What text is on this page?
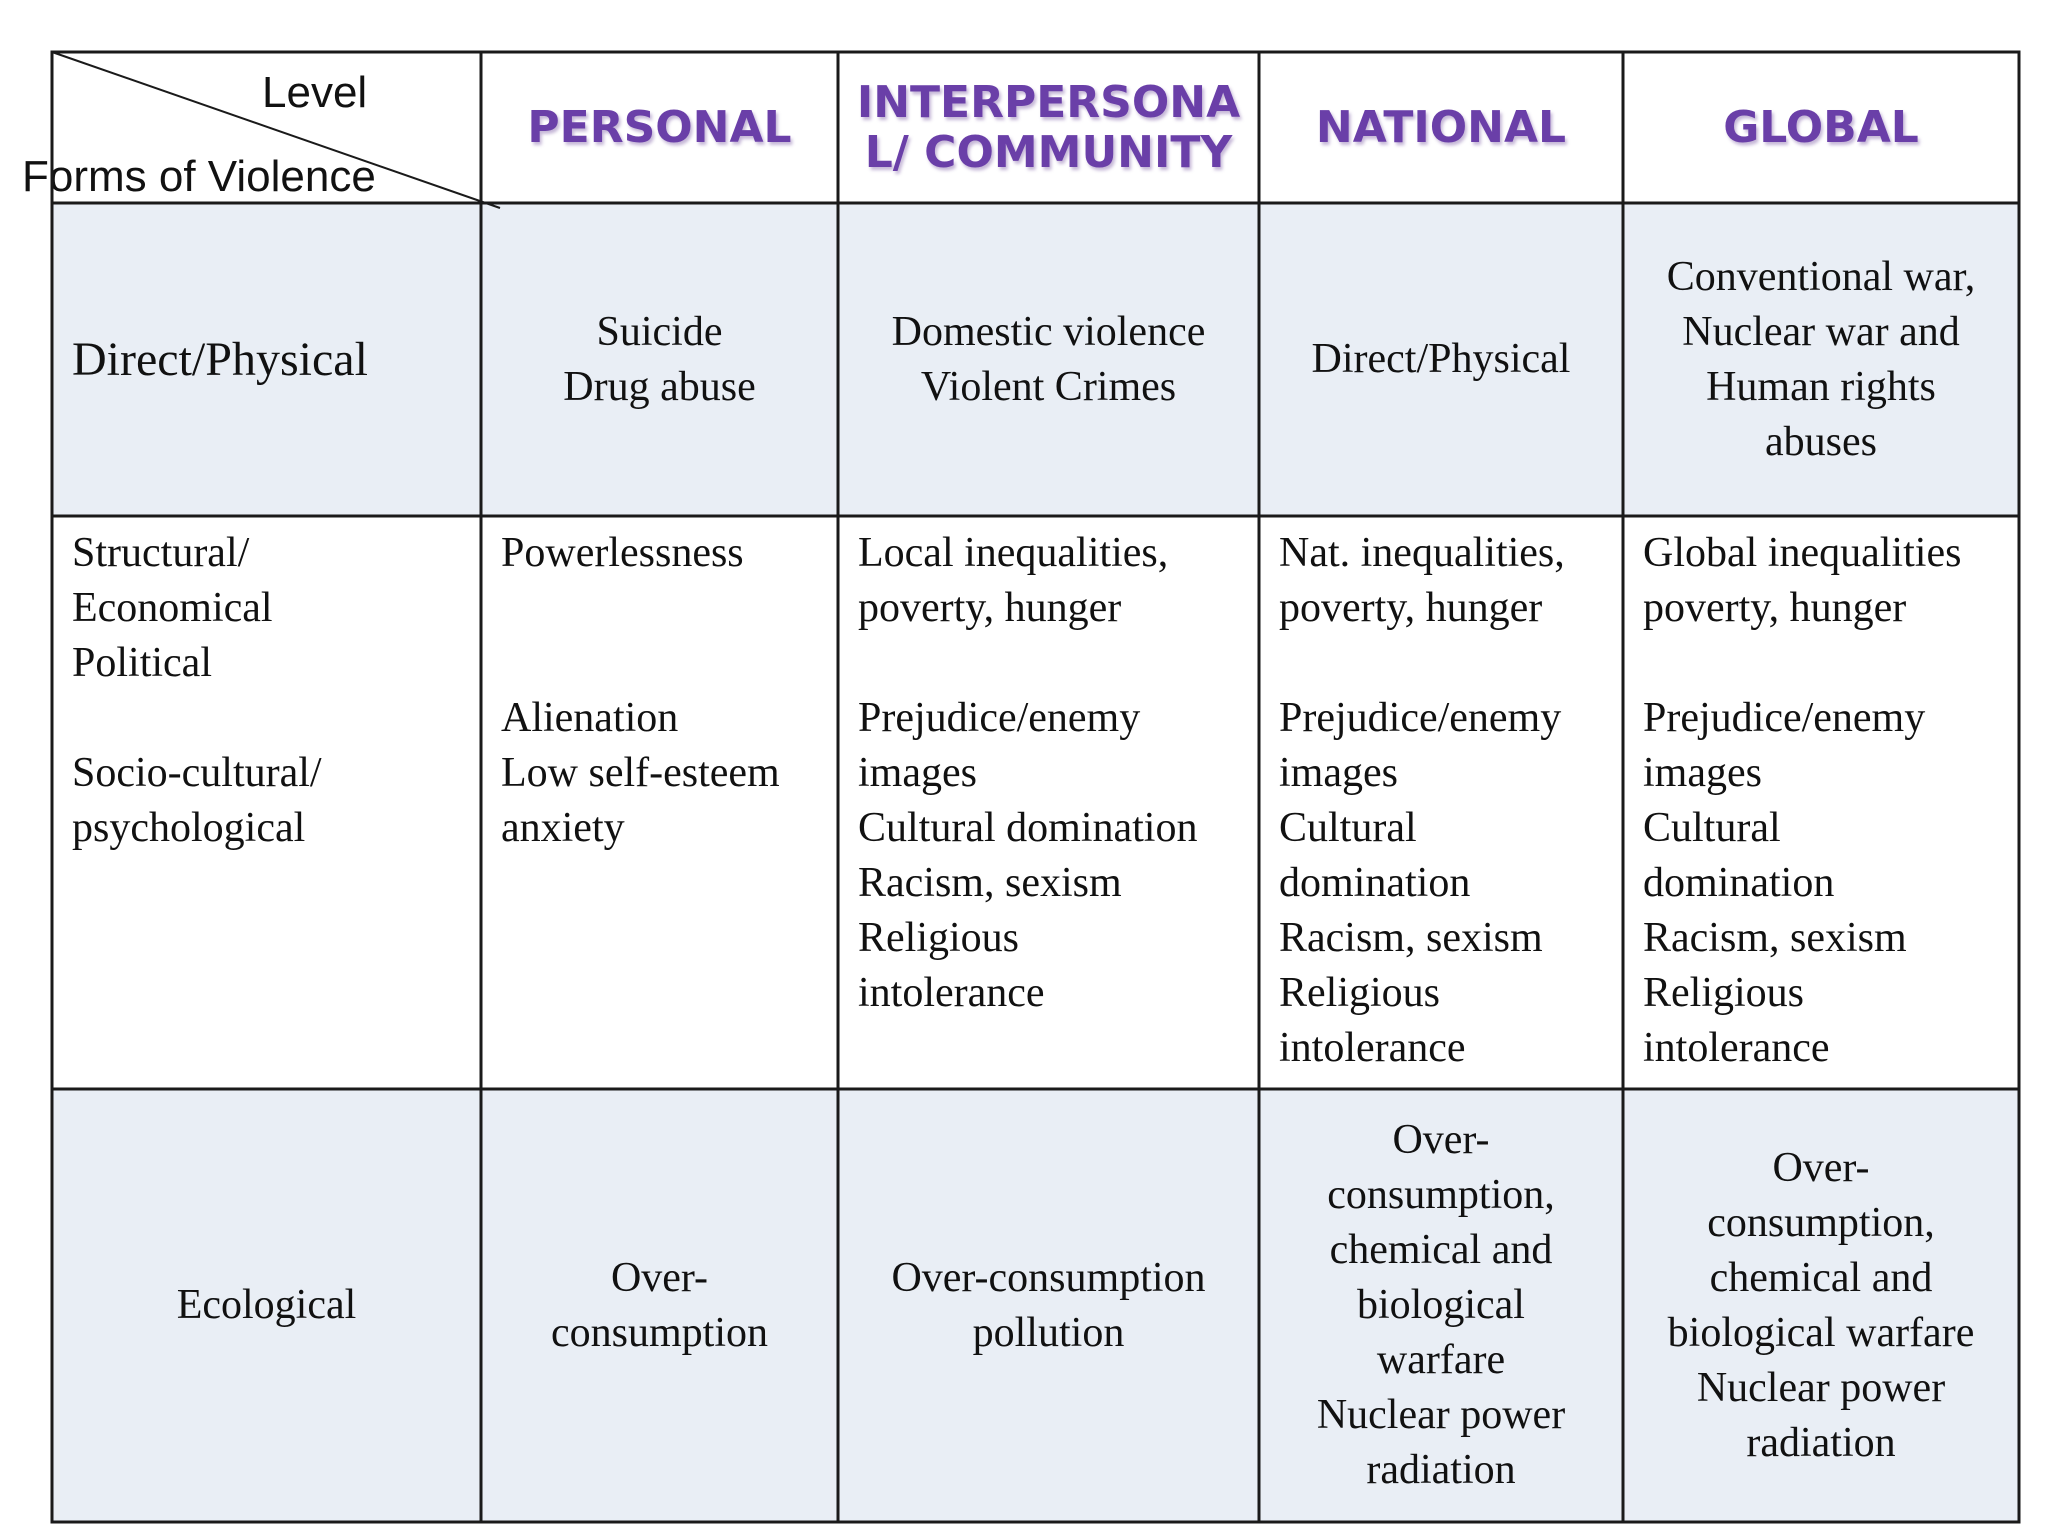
Level
Forms of Violence
PERSONAL INTERPERSONA
L/ COMMUNITY NATIONAL	GLOBAL
Direct/Physical
Suicide
Drug abuse
Domestic violence
Violent Crimes
Direct/Physical
Conventional war,
Nuclear war and
Human rights
abuses
Structural/
Economical
Political

Socio-cultural/
psychological
Powerlessness

Alienation
Low self-esteem
anxiety
Local inequalities,
poverty, hunger

Prejudice/enemy
images
Cultural domination
Racism, sexism
Religious
intolerance
Nat. inequalities,
poverty, hunger

Prejudice/enemy
images
Cultural
domination
Racism, sexism
Religious
intolerance
Global inequalities
poverty, hunger

Prejudice/enemy
images
Cultural
domination
Racism, sexism
Religious
intolerance
Ecological
Over-
consumption
Over-consumption
pollution
Over-
consumption,
chemical and
biological
warfare
Nuclear power
radiation
Over-
consumption,
chemical and
biological warfare
Nuclear power
radiation
